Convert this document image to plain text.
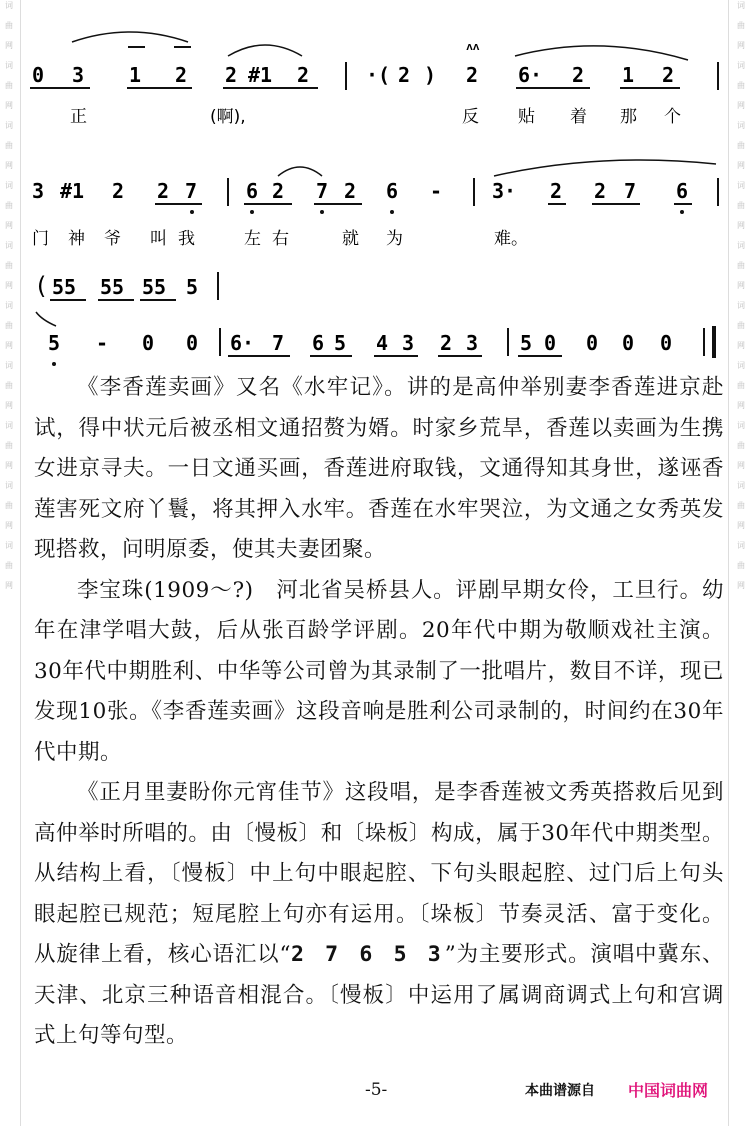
词
曲
网
词
曲
网
词
曲
网
词
曲
网
词
曲
网
词
曲
网
词
曲
网
词
曲
网
词
曲
网
词
曲
网
词
曲
网
词
曲
网
词
曲
网
词
曲
网
词
曲
网
词
曲
网
词
曲
网
词
曲
网
词
曲
网
词
曲
网
ᴧᴧ
0 3 1 2 2 #1 2	· ( 2 ) 2 6· 2 1 2
正	(啊),	反 贴 着 那 个
3 #1 2 2 7 6 2 7 2 6 - 3· 2 2 7 6
门 神 爷 叫 我	左 右	就 为	难。
( 55 55 55 5
5 - 0 0 6· 7 6 5 4 3 2 3 5 0 0 0 0

《李香莲卖画》又名《水牢记》。讲的是高仲举别妻李香莲进京赴试，得中状元后被丞相文通招赘为婿。时家乡荒旱，香莲以卖画为生携女进京寻夫。一日文通买画，香莲进府取钱，文通得知其身世，遂诬香莲害死文府丫鬟，将其押入水牢。香莲在水牢哭泣，为文通之女秀英发现搭救，问明原委，使其夫妻团聚。

李宝珠(1909～?)　河北省吴桥县人。评剧早期女伶，工旦行。幼年在津学唱大鼓，后从张百龄学评剧。20年代中期为敬顺戏社主演。30年代中期胜利、中华等公司曾为其录制了一批唱片，数目不详，现已发现10张。《李香莲卖画》这段音响是胜利公司录制的，时间约在30年代中期。

《正月里妻盼你元宵佳节》这段唱，是李香莲被文秀英搭救后见到高仲举时所唱的。由〔慢板〕和〔垛板〕构成，属于30年代中期类型。从结构上看，〔慢板〕中上句中眼起腔、下句头眼起腔、过门后上句头眼起腔已规范；短尾腔上句亦有运用。〔垛板〕节奏灵活、富于变化。从旋律上看，核心语汇以“2 7 6 5 3”为主要形式。演唱中冀东、天津、北京三种语音相混合。〔慢板〕中运用了属调商调式上句和宫调式上句等句型。

-5-	本曲谱源自 中国词曲网
